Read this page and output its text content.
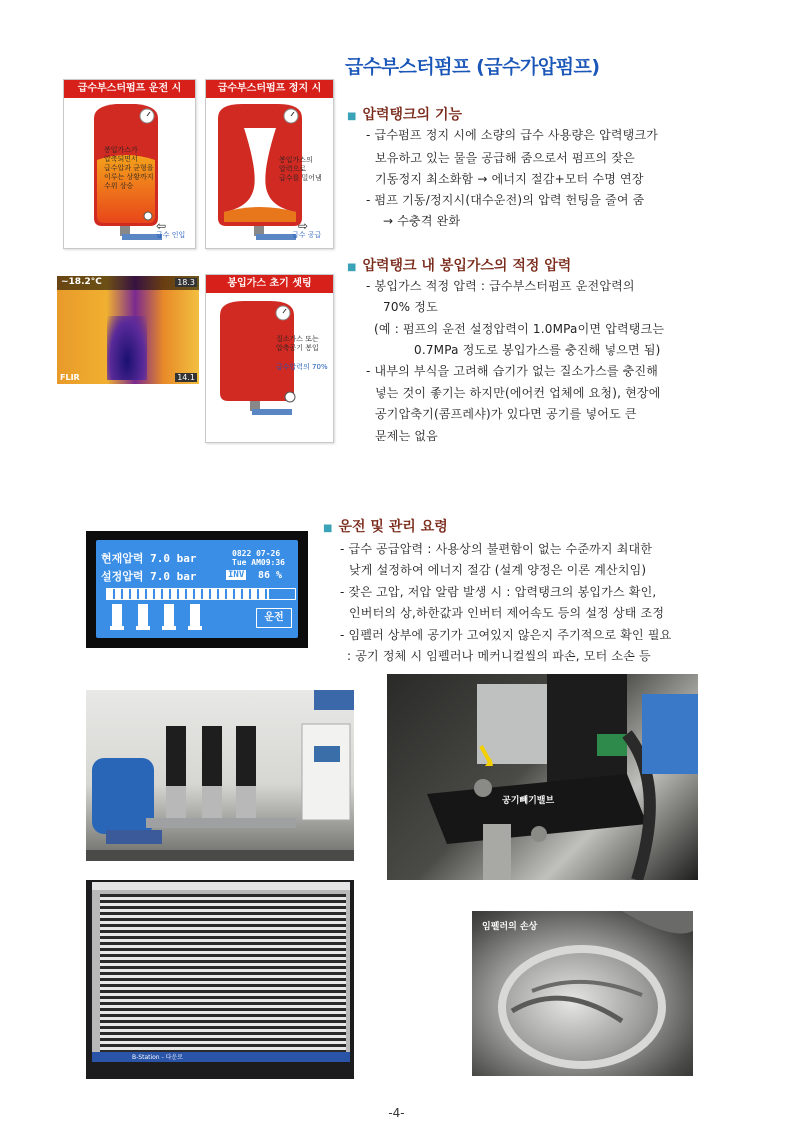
급수부스터펌프 (급수가압펌프)
급수부스터펌프 운전 시
봉입가스가
압축되면서
급수압과 균형을
이루는 상황까지
수위 상승
⇦
급수 인입
급수부스터펌프 정지 시
봉입가스의
압력으로
급수를 밀어냄
⇨
급수 공급
~18.2°C	18.3
14.1
FLIR
봉입가스 초기 셋팅
질소가스 또는
압축공기 봉입
급수압력의 70%
■ 압력탱크의 기능
- 급수펌프 정지 시에 소량의 급수 사용량은 압력탱크가
보유하고 있는 물을 공급해 줌으로서 펌프의 잦은
기동정지 최소화함 → 에너지 절감+모터 수명 연장
- 펌프 기동/정지시(대수운전)의 압력 헌팅을 줄여 줌
→ 수충격 완화
■ 압력탱크 내 봉입가스의 적정 압력
- 봉입가스 적정 압력 : 급수부스터펌프 운전압력의
70% 정도
(예 : 펌프의 운전 설정압력이 1.0MPa이면 압력탱크는
0.7MPa 정도로 봉입가스를 충진해 넣으면 됨)
- 내부의 부식을 고려해 습기가 없는 질소가스를 충진해
넣는 것이 좋기는 하지만(에어컨 업체에 요청), 현장에
공기압축기(콤프레샤)가 있다면 공기를 넣어도 큰
문제는 없음
현재압력 7.0 bar
설정압력 7.0 bar
0822 07-26
Tue AM09:36
INV 86 %
운전
■ 운전 및 관리 요령
- 급수 공급압력 : 사용상의 불편함이 없는 수준까지 최대한
낮게 설정하여 에너지 절감 (설계 양정은 이론 계산치임)
- 잦은 고압, 저압 알람 발생 시 : 압력탱크의 봉입가스 확인,
인버터의 상,하한값과 인버터 제어속도 등의 설정 상태 조정
- 임펠러 상부에 공기가 고여있지 않은지 주기적으로 확인 필요
: 공기 정체 시 임펠러나 메커니컬씰의 파손, 모터 소손 등
공기빼기밸브
B-Station - 다운로
임펠러의 손상
-4-
